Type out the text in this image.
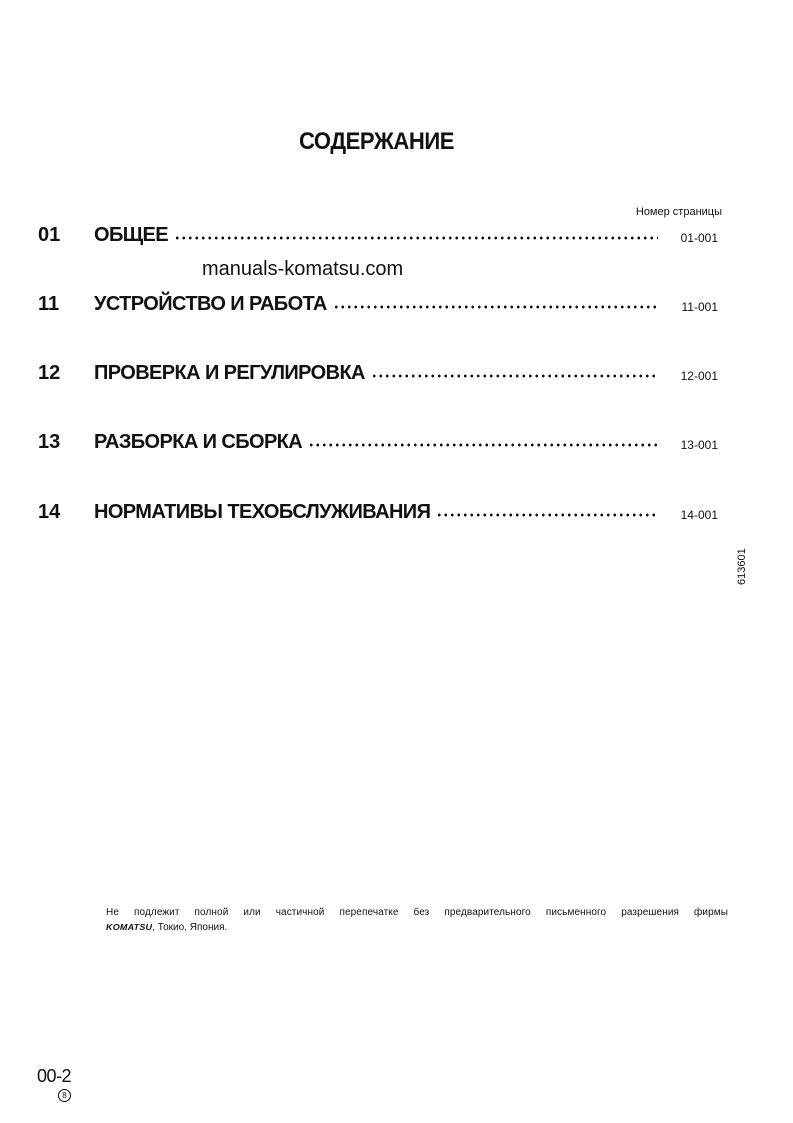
СОДЕРЖАНИЕ
Номер страницы
01	ОБЩЕЕ	01-001
manuals-komatsu.com
11	УСТРОЙСТВО И РАБОТА	11-001
12	ПРОВЕРКА И РЕГУЛИРОВКА	12-001
13	РАЗБОРКА И СБОРКА	13-001
14	НОРМАТИВЫ ТЕХОБСЛУЖИВАНИЯ	14-001
613601
Не подлежит полной или частичной перепечатке без предварительного письменного разрешения фирмы
KOMATSU, Токио, Япония.
00-2
8
